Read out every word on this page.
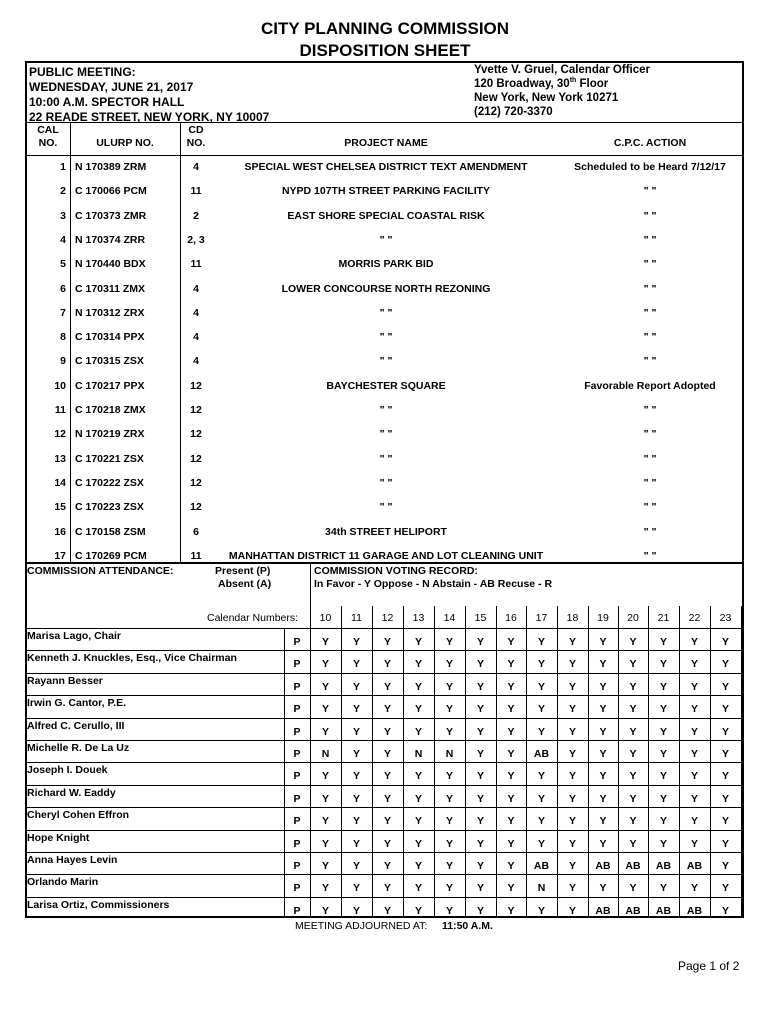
CITY PLANNING COMMISSION
DISPOSITION SHEET
PUBLIC MEETING:
WEDNESDAY, JUNE 21, 2017
10:00 A.M. SPECTOR HALL
22 READE STREET, NEW YORK, NY 10007
Yvette V. Gruel, Calendar Officer
120 Broadway, 30th Floor
New York, New York 10271
(212) 720-3370
CAL
NO.	ULURP NO.
CD
NO.	PROJECT NAME	C.P.C. ACTION
1 N 170389 ZRM	4	SPECIAL WEST CHELSEA DISTRICT TEXT AMENDMENT	Scheduled to be Heard 7/12/17
2 C 170066 PCM	11	NYPD 107TH STREET PARKING FACILITY	" "
3 C 170373 ZMR	2	EAST SHORE SPECIAL COASTAL RISK	" "
4 N 170374 ZRR	2, 3	" "	" "
5 N 170440 BDX	11	MORRIS PARK BID	" "
6 C 170311 ZMX	4	LOWER CONCOURSE NORTH REZONING	" "
7 N 170312 ZRX	4	" "	" "
8 C 170314 PPX	4	" "	" "
9 C 170315 ZSX	4	" "	" "
10 C 170217 PPX	12	BAYCHESTER SQUARE	Favorable Report Adopted
11 C 170218 ZMX	12	" "	" "
12 N 170219 ZRX	12	" "	" "
13 C 170221 ZSX	12	" "	" "
14 C 170222 ZSX	12	" "	" "
15 C 170223 ZSX	12	" "	" "
16 C 170158 ZSM	6	34th STREET HELIPORT	" "
17 C 170269 PCM	11	MANHATTAN DISTRICT 11 GARAGE AND LOT CLEANING UNIT	" "
COMMISSION ATTENDANCE:	Present (P)
Absent (A)
COMMISSION VOTING RECORD:
In Favor - Y Oppose - N Abstain - AB Recuse - R
Calendar Numbers:	10	11	12	13	14	15	16	17	18	19	20	21	22	23
Marisa Lago, Chair	P	Y	Y	Y	Y	Y	Y	Y	Y	Y	Y	Y	Y	Y	Y
Kenneth J. Knuckles, Esq., Vice Chairman	P	Y	Y	Y	Y	Y	Y	Y	Y	Y	Y	Y	Y	Y	Y
Rayann Besser	P	Y	Y	Y	Y	Y	Y	Y	Y	Y	Y	Y	Y	Y	Y
Irwin G. Cantor, P.E.	P	Y	Y	Y	Y	Y	Y	Y	Y	Y	Y	Y	Y	Y	Y
Alfred C. Cerullo, III	P	Y	Y	Y	Y	Y	Y	Y	Y	Y	Y	Y	Y	Y	Y
Michelle R. De La Uz	P	N	Y	Y	N	N	Y	Y	AB	Y	Y	Y	Y	Y	Y
Joseph I. Douek	P	Y	Y	Y	Y	Y	Y	Y	Y	Y	Y	Y	Y	Y	Y
Richard W. Eaddy	P	Y	Y	Y	Y	Y	Y	Y	Y	Y	Y	Y	Y	Y	Y
Cheryl Cohen Effron	P	Y	Y	Y	Y	Y	Y	Y	Y	Y	Y	Y	Y	Y	Y
Hope Knight	P	Y	Y	Y	Y	Y	Y	Y	Y	Y	Y	Y	Y	Y	Y
Anna Hayes Levin	P	Y	Y	Y	Y	Y	Y	Y	AB	Y	AB	AB	AB	AB	Y
Orlando Marin	P	Y	Y	Y	Y	Y	Y	Y	N	Y	Y	Y	Y	Y	Y
Larisa Ortiz, Commissioners	P	Y	Y	Y	Y	Y	Y	Y	Y	Y	AB	AB	AB	AB	Y
MEETING ADJOURNED AT: 11:50 A.M.
Page 1 of 2
